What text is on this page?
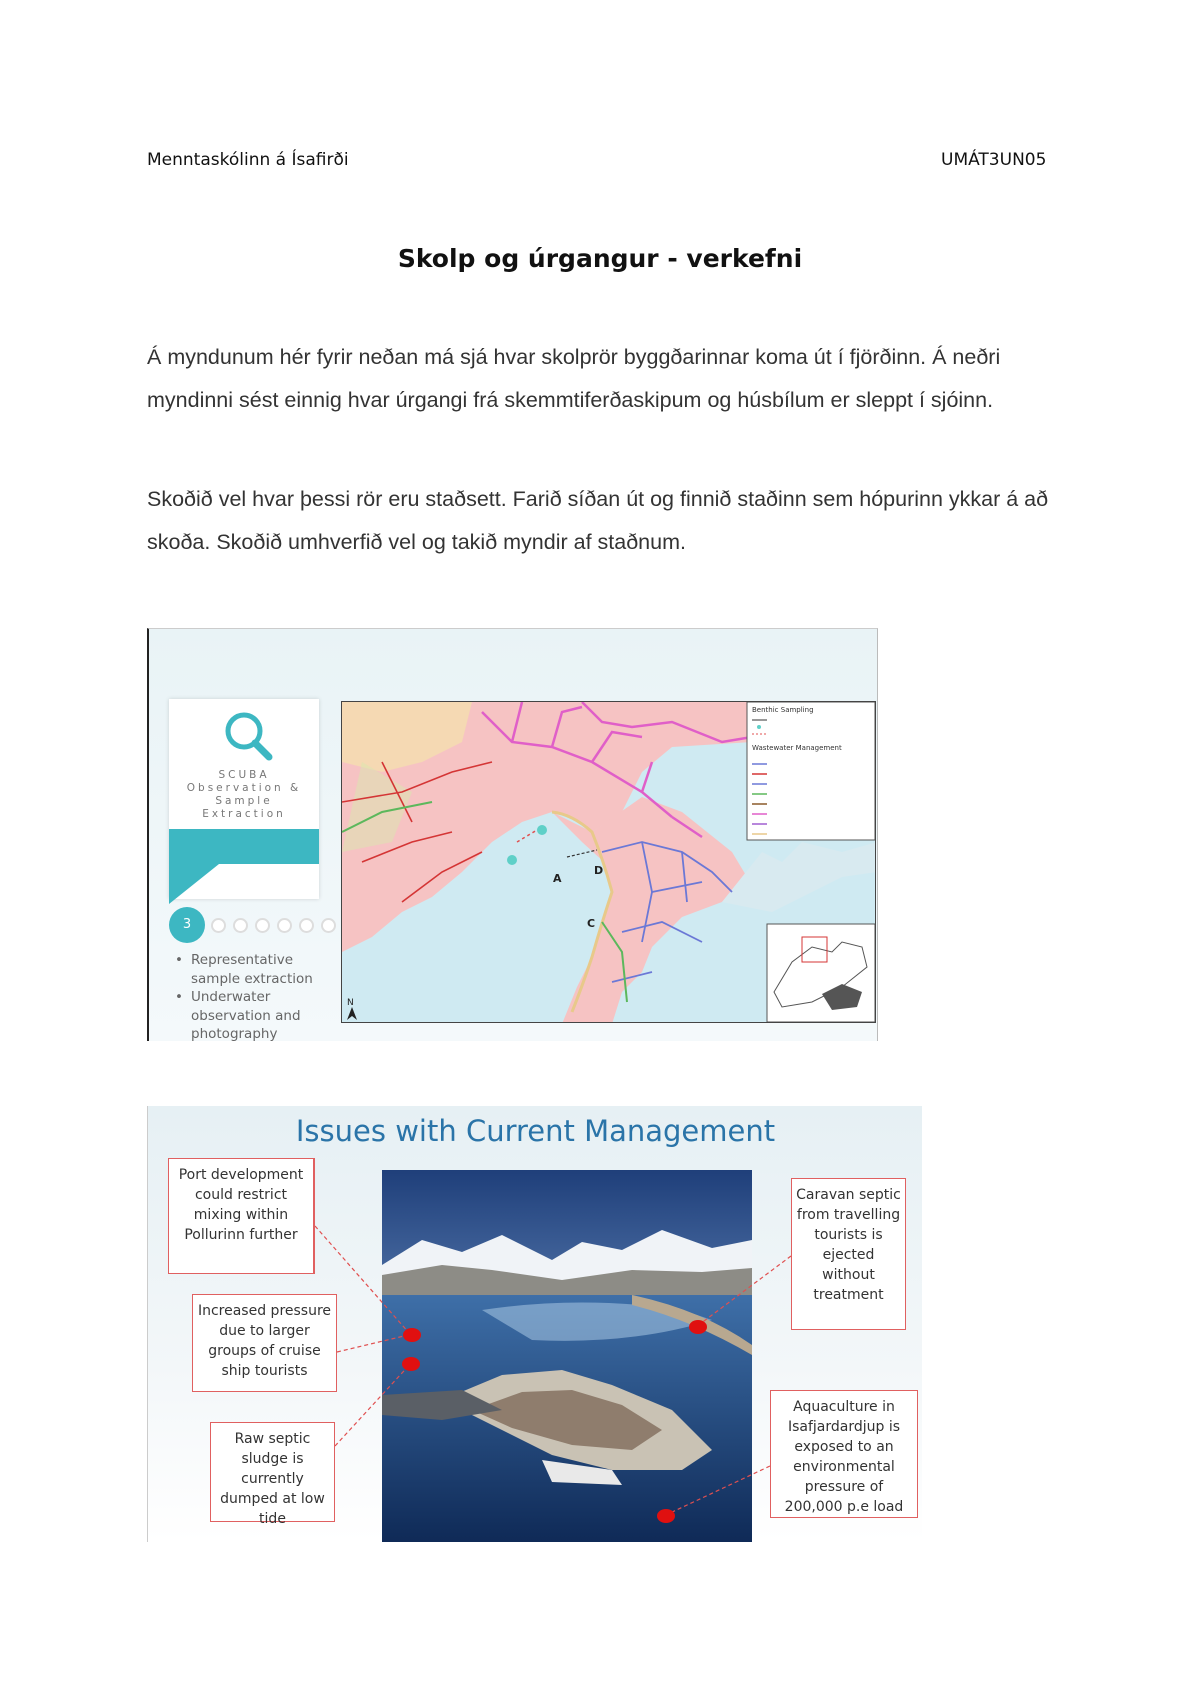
Menntaskólinn á Ísafirði	UMÁT3UN05
Skolp og úrgangur - verkefni

Á myndunum hér fyrir neðan má sjá hvar skolprör byggðarinnar koma út í fjörðinn. Á neðri myndinni sést einnig hvar úrgangi frá skemmtiferðaskipum og húsbílum er sleppt í sjóinn.

Skoðið vel hvar þessi rör eru staðsett. Farið síðan út og finnið staðinn sem hópurinn ykkar á að skoða. Skoðið umhverfið vel og takið myndir af staðnum.

SCUBA
Observation &
Sample
Extraction
3
• Representative sample extraction
• Underwater observation and photography
Benthic Sampling
Wastewater Management
A
D
C
N
Issues with Current Management
Port development could restrict mixing within Pollurinn further
Increased pressure due to larger groups of cruise ship tourists
Raw septic sludge is currently dumped at low tide
Caravan septic from travelling tourists is ejected without treatment
Aquaculture in Isafjardardjup is exposed to an environmental pressure of 200,000 p.e load
